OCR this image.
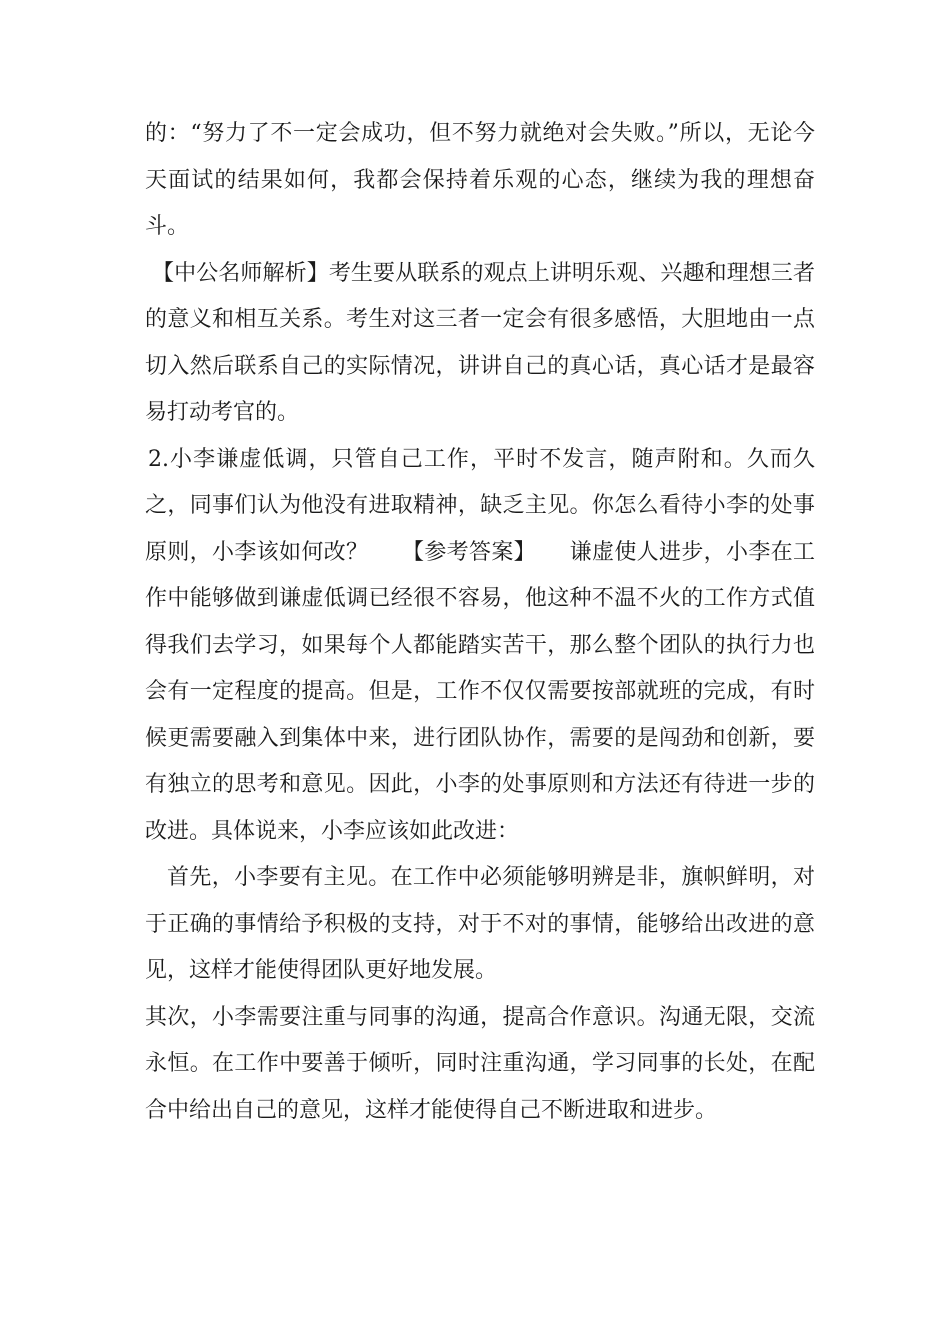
的：“努力了不一定会成功，但不努力就绝对会失败。”所以，无论今天面试的结果如何，我都会保持着乐观的心态，继续为我的理想奋斗。

【中公名师解析】考生要从联系的观点上讲明乐观、兴趣和理想三者的意义和相互关系。考生对这三者一定会有很多感悟，大胆地由一点切入然后联系自己的实际情况，讲讲自己的真心话，真心话才是最容易打动考官的。

2.小李谦虚低调，只管自己工作，平时不发言，随声附和。久而久之，同事们认为他没有进取精神，缺乏主见。你怎么看待小李的处事原则，小李该如何改？　　【参考答案】　　谦虚使人进步，小李在工作中能够做到谦虚低调已经很不容易，他这种不温不火的工作方式值得我们去学习，如果每个人都能踏实苦干，那么整个团队的执行力也会有一定程度的提高。但是，工作不仅仅需要按部就班的完成，有时候更需要融入到集体中来，进行团队协作，需要的是闯劲和创新，要有独立的思考和意见。因此，小李的处事原则和方法还有待进一步的改进。具体说来，小李应该如此改进：

首先，小李要有主见。在工作中必须能够明辨是非，旗帜鲜明，对于正确的事情给予积极的支持，对于不对的事情，能够给出改进的意见，这样才能使得团队更好地发展。

其次，小李需要注重与同事的沟通，提高合作意识。沟通无限，交流永恒。在工作中要善于倾听，同时注重沟通，学习同事的长处，在配合中给出自己的意见，这样才能使得自己不断进取和进步。
